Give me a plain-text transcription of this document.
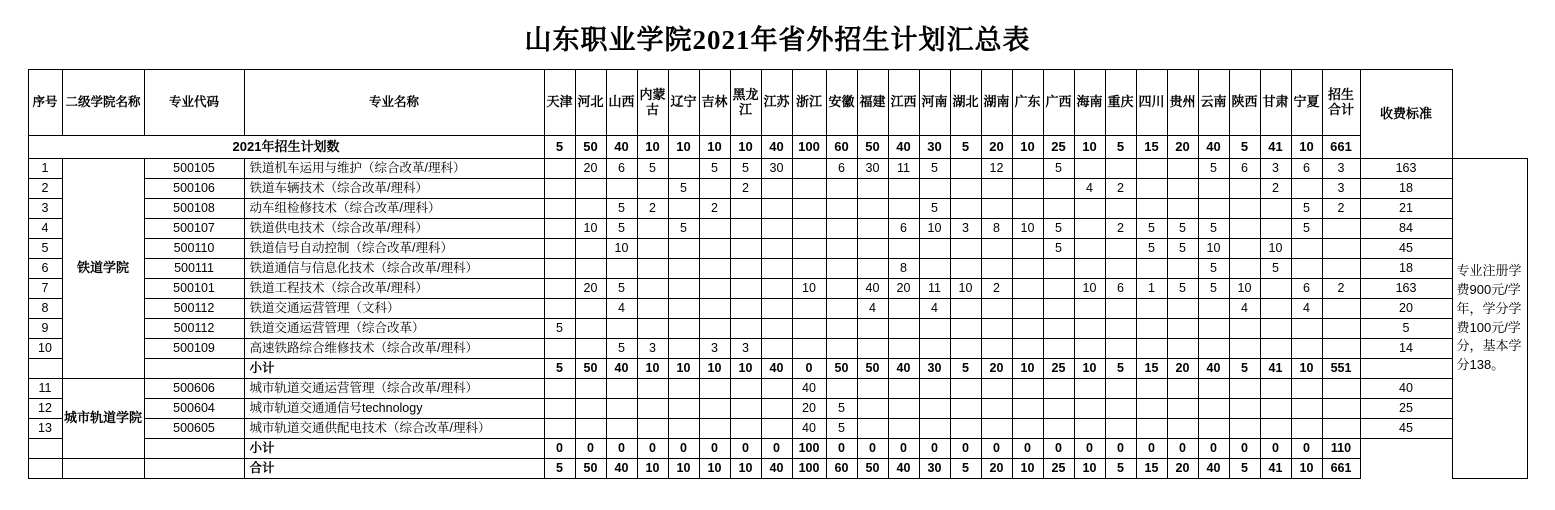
山东职业学院2021年省外招生计划汇总表
序号	二级学院名称	专业代码	专业名称	天津	河北	山西	内蒙古	辽宁	吉林	黑龙江	江苏	浙江	安徽	福建	江西	河南	湖北	湖南	广东	广西	海南	重庆	四川	贵州	云南	陕西	甘肃	宁夏	招生合计	收费标准	
2021年招生计划数				5	50	40	10	10	10	10	40	100	60	50	40	30	5	20	10	25	10	5	15	20	40	5	41	10	661		
1	铁道学院	500105	铁道机车运用与维护（综合改革/理科）		20	6	5		5	5	30		6	30	11	5		12		5					5	6	3	6	3	163	专业注册学费900元/学年，学分学费100元/学分，基本学分138。
2		500106	铁道车辆技术（综合改革/理科）					5		2											4	2					2		3	18	
3		500108	动车组检修技术（综合改革/理科）			5	2		2							5												5	2	21	
4		500107	铁道供电技术（综合改革/理科）		10	5		5							6	10	3	8	10	5		2	5	5	5			5		84	
5		500110	铁道信号自动控制（综合改革/理科）			10														5			5	5	10		10			45	
6		500111	铁道通信与信息化技术（综合改革/理科）												8										5		5			18	
7		500101	铁道工程技术（综合改革/理科）		20	5						10		40	20	11	10	2			10	6	1	5	5	10		6	2	163	
8		500112	铁道交通运营管理（文科）			4								4		4										4		4		20	
9		500112	铁道交通运营管理（综合改革）	5																										5	
10		500109	高速铁路综合维修技术（综合改革/理科）			5	3		3	3																				14	
			小计	5	50	40	10	10	10	10	40	0	50	50	40	30	5	20	10	25	10	5	15	20	40	5	41	10	551		
11	城市轨道学院	500606	城市轨道交通运营管理（综合改革/理科）									40																		40	
12		500604	城市轨道交通通信号technology									20	5																	25	
13		500605	城市轨道交通供配电技术（综合改革/理科）									40	5																	45	
			小计	0	0	0	0	0	0	0	0	100	0	0	0	0	0	0	0	0	0	0	0	0	0	0	0	0	110		
			合计	5	50	40	10	10	10	10	40	100	60	50	40	30	5	20	10	25	10	5	15	20	40	5	41	10	661		
